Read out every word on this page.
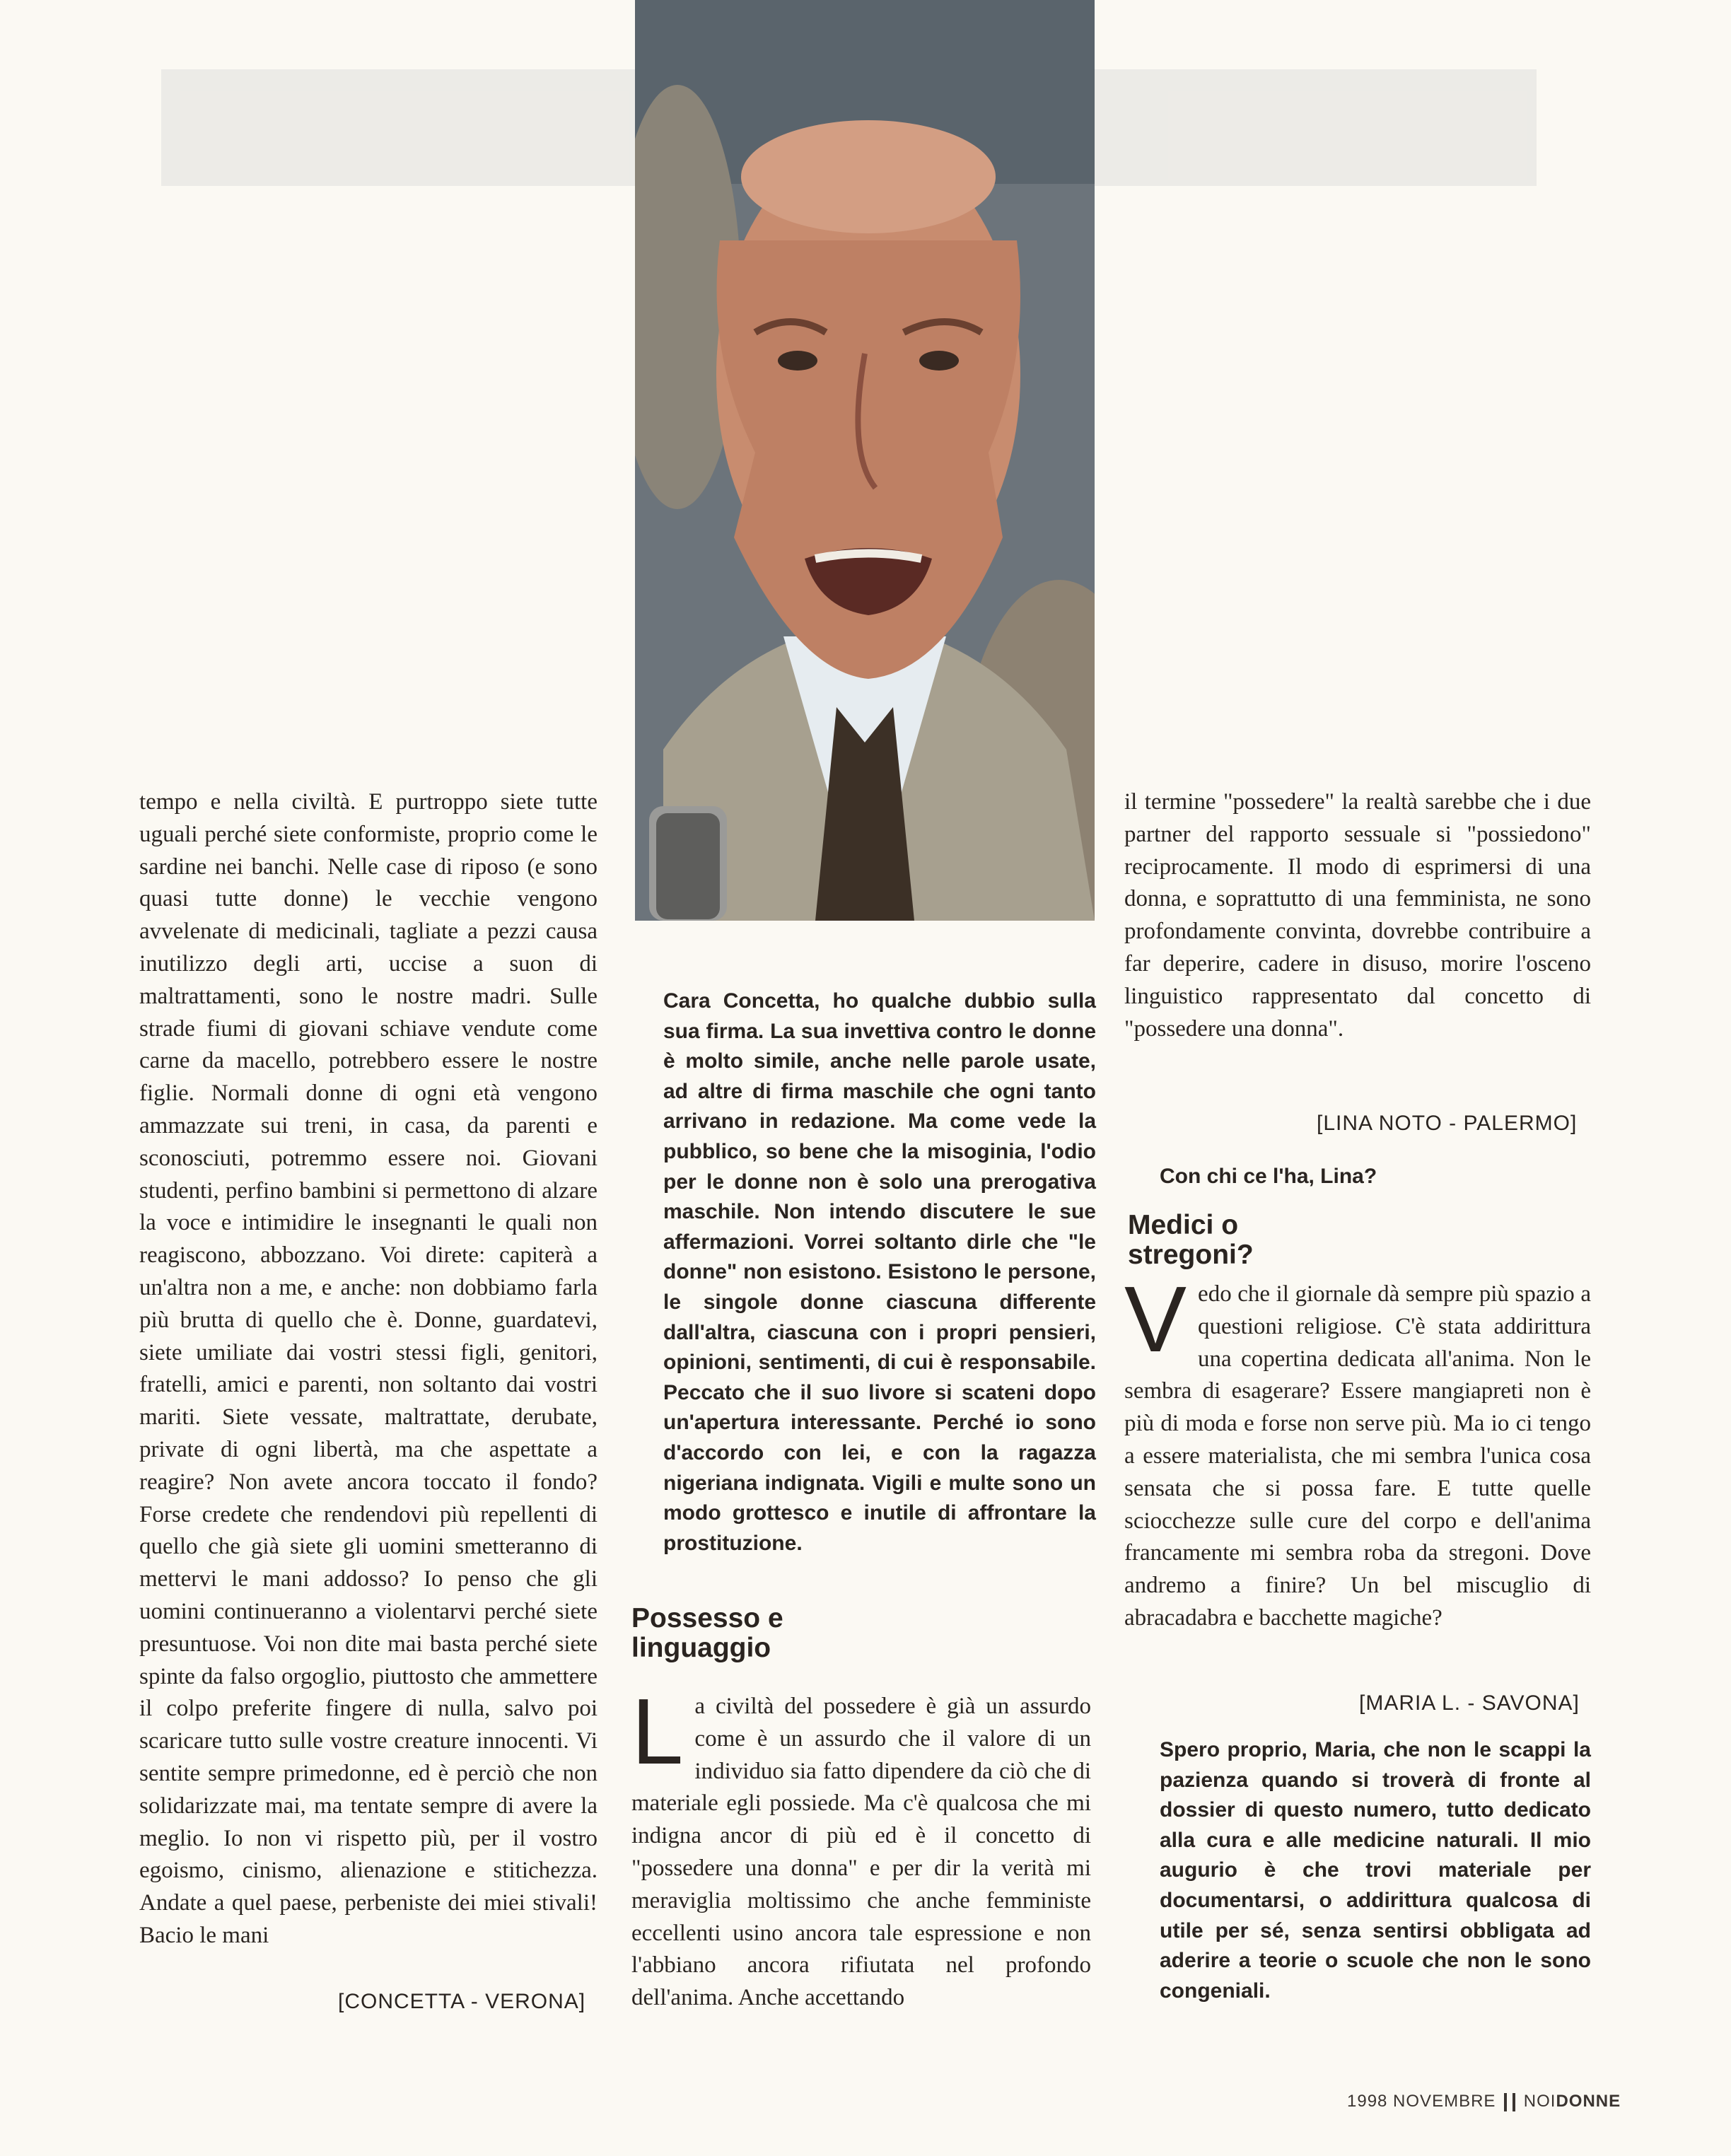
tempo e nella civiltà. E purtroppo siete tutte uguali perché siete conformiste, proprio come le sardine nei banchi. Nelle case di riposo (e sono quasi tutte donne) le vecchie vengono avvelenate di medicinali, tagliate a pezzi causa inutilizzo degli arti, uccise a suon di maltrattamenti, sono le nostre madri. Sulle strade fiumi di giovani schiave vendute come carne da macello, potrebbero essere le nostre figlie. Normali donne di ogni età vengono ammazzate sui treni, in casa, da parenti e sconosciuti, potremmo essere noi. Giovani studenti, perfino bambini si permettono di alzare la voce e intimidire le insegnanti le quali non reagiscono, abbozzano. Voi direte: capiterà a un'altra non a me, e anche: non dobbiamo farla più brutta di quello che è. Donne, guardatevi, siete umiliate dai vostri stessi figli, genitori, fratelli, amici e parenti, non soltanto dai vostri mariti. Siete vessate, maltrattate, derubate, private di ogni libertà, ma che aspettate a reagire? Non avete ancora toccato il fondo? Forse credete che rendendovi più repellenti di quello che già siete gli uomini smetteranno di mettervi le mani addosso? Io penso che gli uomini continueranno a violentarvi perché siete presuntuose. Voi non dite mai basta perché siete spinte da falso orgoglio, piuttosto che ammettere il colpo preferite fingere di nulla, salvo poi scaricare tutto sulle vostre creature innocenti. Vi sentite sempre primedonne, ed è perciò che non solidarizzate mai, ma tentate sempre di avere la meglio. Io non vi rispetto più, per il vostro egoismo, cinismo, alienazione e stitichezza. Andate a quel paese, perbeniste dei miei stivali! Bacio le mani

[CONCETTA - VERONA]
Cara Concetta, ho qualche dubbio sulla sua firma. La sua invettiva contro le donne è molto simile, anche nelle parole usate, ad altre di firma maschile che ogni tanto arrivano in redazione. Ma come vede la pubblico, so bene che la misoginia, l'odio per le donne non è solo una prerogativa maschile. Non intendo discutere le sue affermazioni. Vorrei soltanto dirle che "le donne" non esistono. Esistono le persone, le singole donne ciascuna differente dall'altra, ciascuna con i propri pensieri, opinioni, sentimenti, di cui è responsabile. Peccato che il suo livore si scateni dopo un'apertura interessante. Perché io sono d'accordo con lei, e con la ragazza nigeriana indignata. Vigili e multe sono un modo grottesco e inutile di affrontare la prostituzione.
Possesso e linguaggio
L a civiltà del possedere è già un assurdo come è un assurdo che il valore di un individuo sia fatto dipendere da ciò che di materiale egli possiede. Ma c'è qualcosa che mi indigna ancor di più ed è il concetto di "possedere una donna" e per dir la verità mi meraviglia moltissimo che anche femministe eccellenti usino ancora tale espressione e non l'abbiano ancora rifiutata nel profondo dell'anima. Anche accettando

il termine "possedere" la realtà sarebbe che i due partner del rapporto sessuale si "possiedono" reciprocamente. Il modo di esprimersi di una donna, e soprattutto di una femminista, ne sono profondamente convinta, dovrebbe contribuire a far deperire, cadere in disuso, morire l'osceno linguistico rappresentato dal concetto di "possedere una donna".

[LINA NOTO - PALERMO]
Con chi ce l'ha, Lina?
Medici o stregoni?
V edo che il giornale dà sempre più spazio a questioni religiose. C'è stata addirittura una copertina dedicata all'anima. Non le sembra di esagerare? Essere mangiapreti non è più di moda e forse non serve più. Ma io ci tengo a essere materialista, che mi sembra l'unica cosa sensata che si possa fare. E tutte quelle sciocchezze sulle cure del corpo e dell'anima francamente mi sembra roba da stregoni. Dove andremo a finire? Un bel miscuglio di abracadabra e bacchette magiche?
[MARIA L. - SAVONA]
Spero proprio, Maria, che non le scappi la pazienza quando si troverà di fronte al dossier di questo numero, tutto dedicato alla cura e alle medicine naturali. Il mio augurio è che trovi materiale per documentarsi, o addirittura qualcosa di utile per sé, senza sentirsi obbligata ad aderire a teorie o scuole che non le sono congeniali.
1998 NOVEMBRE NOIDONNE
